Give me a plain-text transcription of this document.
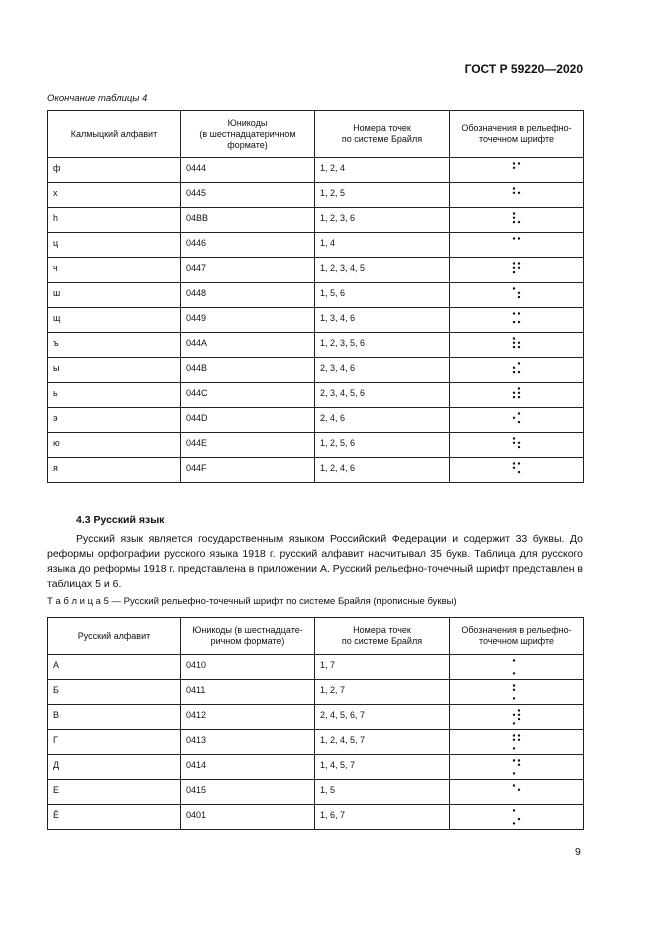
ГОСТ Р 59220—2020
Окончание таблицы 4
Калмыцкий алфавит	Юникоды
(в шестнадцатеричном
формате)	Номера точек
по системе Брайля	Обозначения в рельефно-
точечном шрифте
ф	0444	1, 2, 4	

х	0445	1, 2, 5	

һ	04BB	1, 2, 3, 6	

ц	0446	1, 4	

ч	0447	1, 2, 3, 4, 5	

ш	0448	1, 5, 6	

щ	0449	1, 3, 4, 6	

ъ	044A	1, 2, 3, 5, 6	

ы	044B	2, 3, 4, 6	

ь	044C	2, 3, 4, 5, 6	

э	044D	2, 4, 6	

ю	044E	1, 2, 5, 6	

я	044F	1, 2, 4, 6	
4.3 Русский язык
Русский язык является государственным языком Российский Федерации и содержит 33 буквы. До реформы орфографии русского языка 1918 г. русский алфавит насчитывал 35 букв. Таблица для русского языка до реформы 1918 г. представлена в приложении А. Русский рельефно-точечный шрифт представлен в таблицах 5 и 6.
Т а б л и ц а 5 — Русский рельефно-точечный шрифт по системе Брайля (прописные буквы)
Русский алфавит	Юникоды (в шестнадцате-
ричном формате)	Номера точек
по системе Брайля	Обозначения в рельефно-
точечном шрифте
А	0410	1, 7	

Б	0411	1, 2, 7	

В	0412	2, 4, 5, 6, 7	

Г	0413	1, 2, 4, 5, 7	

Д	0414	1, 4, 5, 7	

Е	0415	1, 5	

Ё	0401	1, 6, 7	
9
